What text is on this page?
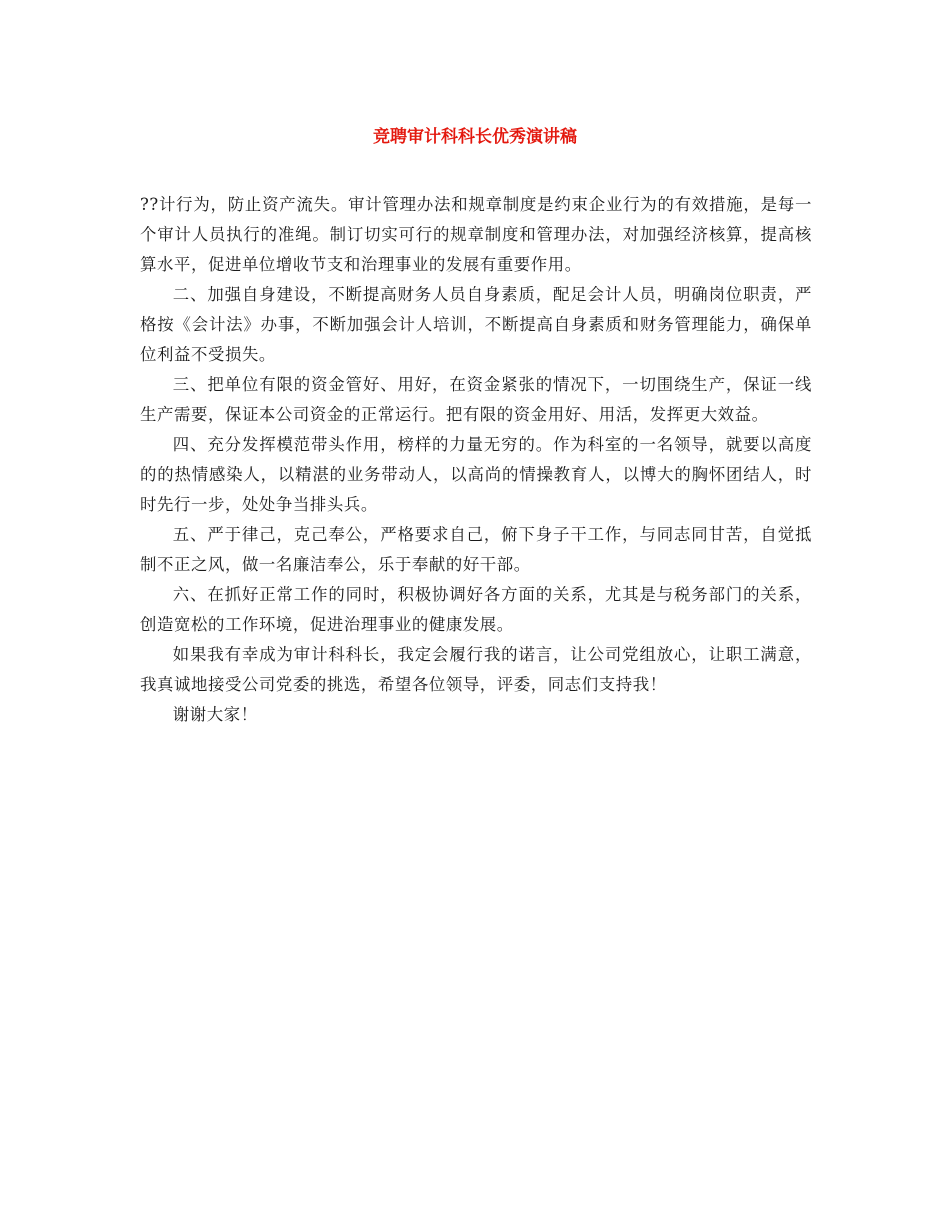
竞聘审计科科长优秀演讲稿

??计行为，防止资产流失。审计管理办法和规章制度是约束企业行为的有效措施，是每一个审计人员执行的准绳。制订切实可行的规章制度和管理办法，对加强经济核算，提高核算水平，促进单位增收节支和治理事业的发展有重要作用。

二、加强自身建设，不断提高财务人员自身素质，配足会计人员，明确岗位职责，严格按《会计法》办事，不断加强会计人培训，不断提高自身素质和财务管理能力，确保单位利益不受损失。

三、把单位有限的资金管好、用好，在资金紧张的情况下，一切围绕生产，保证一线生产需要，保证本公司资金的正常运行。把有限的资金用好、用活，发挥更大效益。

四、充分发挥模范带头作用，榜样的力量无穷的。作为科室的一名领导，就要以高度的的热情感染人，以精湛的业务带动人，以高尚的情操教育人，以博大的胸怀团结人，时时先行一步，处处争当排头兵。

五、严于律己，克己奉公，严格要求自己，俯下身子干工作，与同志同甘苦，自觉抵制不正之风，做一名廉洁奉公，乐于奉献的好干部。

六、在抓好正常工作的同时，积极协调好各方面的关系，尤其是与税务部门的关系，创造宽松的工作环境，促进治理事业的健康发展。

如果我有幸成为审计科科长，我定会履行我的诺言，让公司党组放心，让职工满意，我真诚地接受公司党委的挑选，希望各位领导，评委，同志们支持我！

谢谢大家！
